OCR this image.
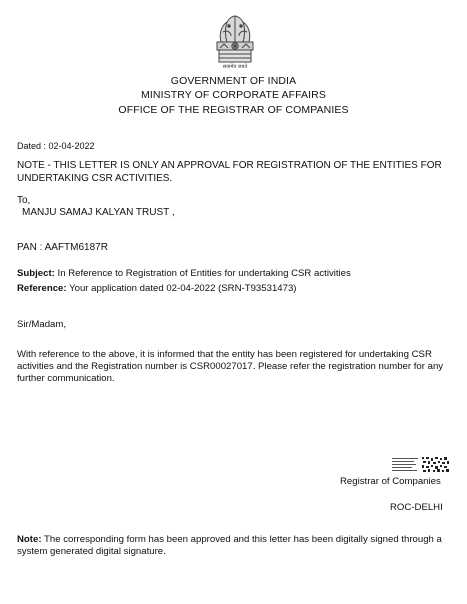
सत्यमेव जयते
GOVERNMENT OF INDIA
MINISTRY OF CORPORATE AFFAIRS
OFFICE OF THE REGISTRAR OF COMPANIES
Dated : 02-04-2022
NOTE - THIS LETTER IS ONLY AN APPROVAL FOR REGISTRATION OF THE ENTITIES FOR UNDERTAKING CSR ACTIVITIES.
To,
MANJU SAMAJ KALYAN TRUST ,
PAN : AAFTM6187R
Subject: In Reference to Registration of Entities for undertaking CSR activities
Reference: Your application dated 02-04-2022 (SRN-T93531473)
Sir/Madam,
With reference to the above, it is informed that the entity has been registered for undertaking CSR activities and the Registration number is CSR00027017. Please refer the registration number for any further communication.
Registrar of Companies
ROC-DELHI
Note: The corresponding form has been approved and this letter has been digitally signed through a system generated digital signature.
